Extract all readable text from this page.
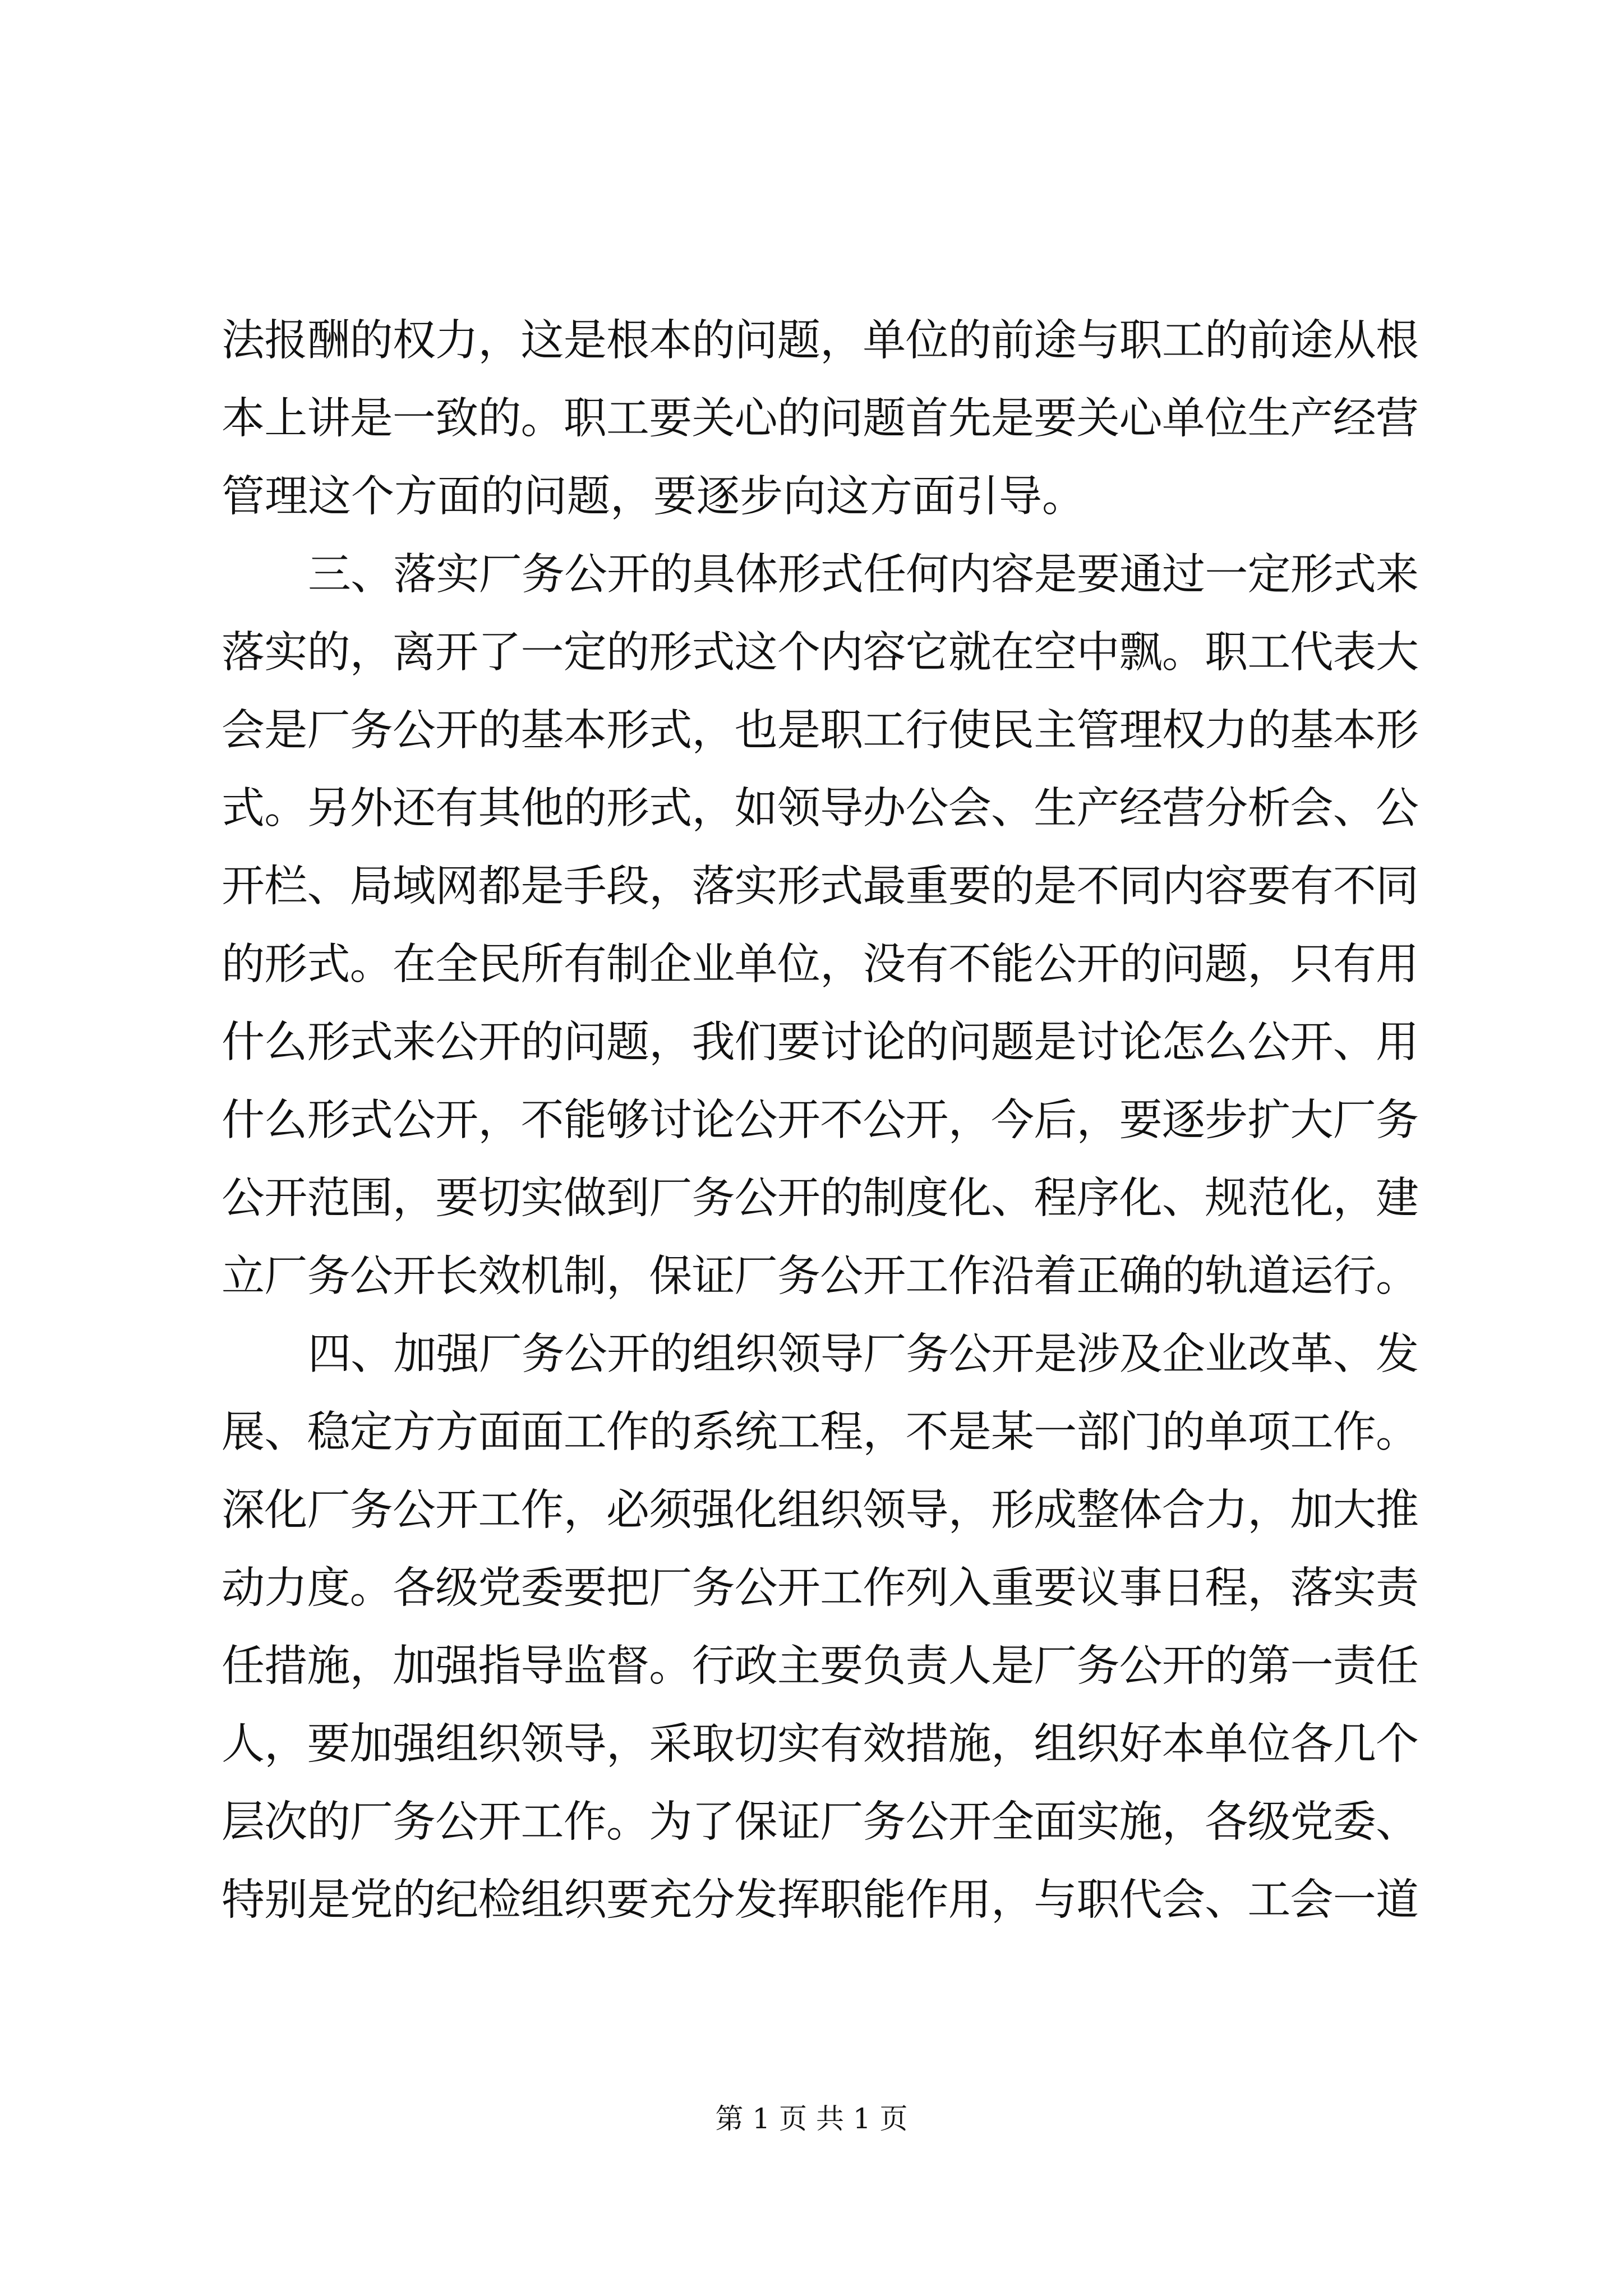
法报酬的权力，这是根本的问题，单位的前途与职工的前途从根
本上讲是一致的。职工要关心的问题首先是要关心单位生产经营
管理这个方面的问题，要逐步向这方面引导。
三、落实厂务公开的具体形式任何内容是要通过一定形式来
落实的，离开了一定的形式这个内容它就在空中飘。职工代表大
会是厂务公开的基本形式，也是职工行使民主管理权力的基本形
式。另外还有其他的形式，如领导办公会、生产经营分析会、公
开栏、局域网都是手段，落实形式最重要的是不同内容要有不同
的形式。在全民所有制企业单位，没有不能公开的问题，只有用
什么形式来公开的问题，我们要讨论的问题是讨论怎么公开、用
什么形式公开，不能够讨论公开不公开，今后，要逐步扩大厂务
公开范围，要切实做到厂务公开的制度化、程序化、规范化，建
立厂务公开长效机制，保证厂务公开工作沿着正确的轨道运行。
四、加强厂务公开的组织领导厂务公开是涉及企业改革、发
展、稳定方方面面工作的系统工程，不是某一部门的单项工作。
深化厂务公开工作，必须强化组织领导，形成整体合力，加大推
动力度。各级党委要把厂务公开工作列入重要议事日程，落实责
任措施，加强指导监督。行政主要负责人是厂务公开的第一责任
人，要加强组织领导，采取切实有效措施，组织好本单位各几个
层次的厂务公开工作。为了保证厂务公开全面实施，各级党委、
特别是党的纪检组织要充分发挥职能作用，与职代会、工会一道
第 1 页 共 1 页
